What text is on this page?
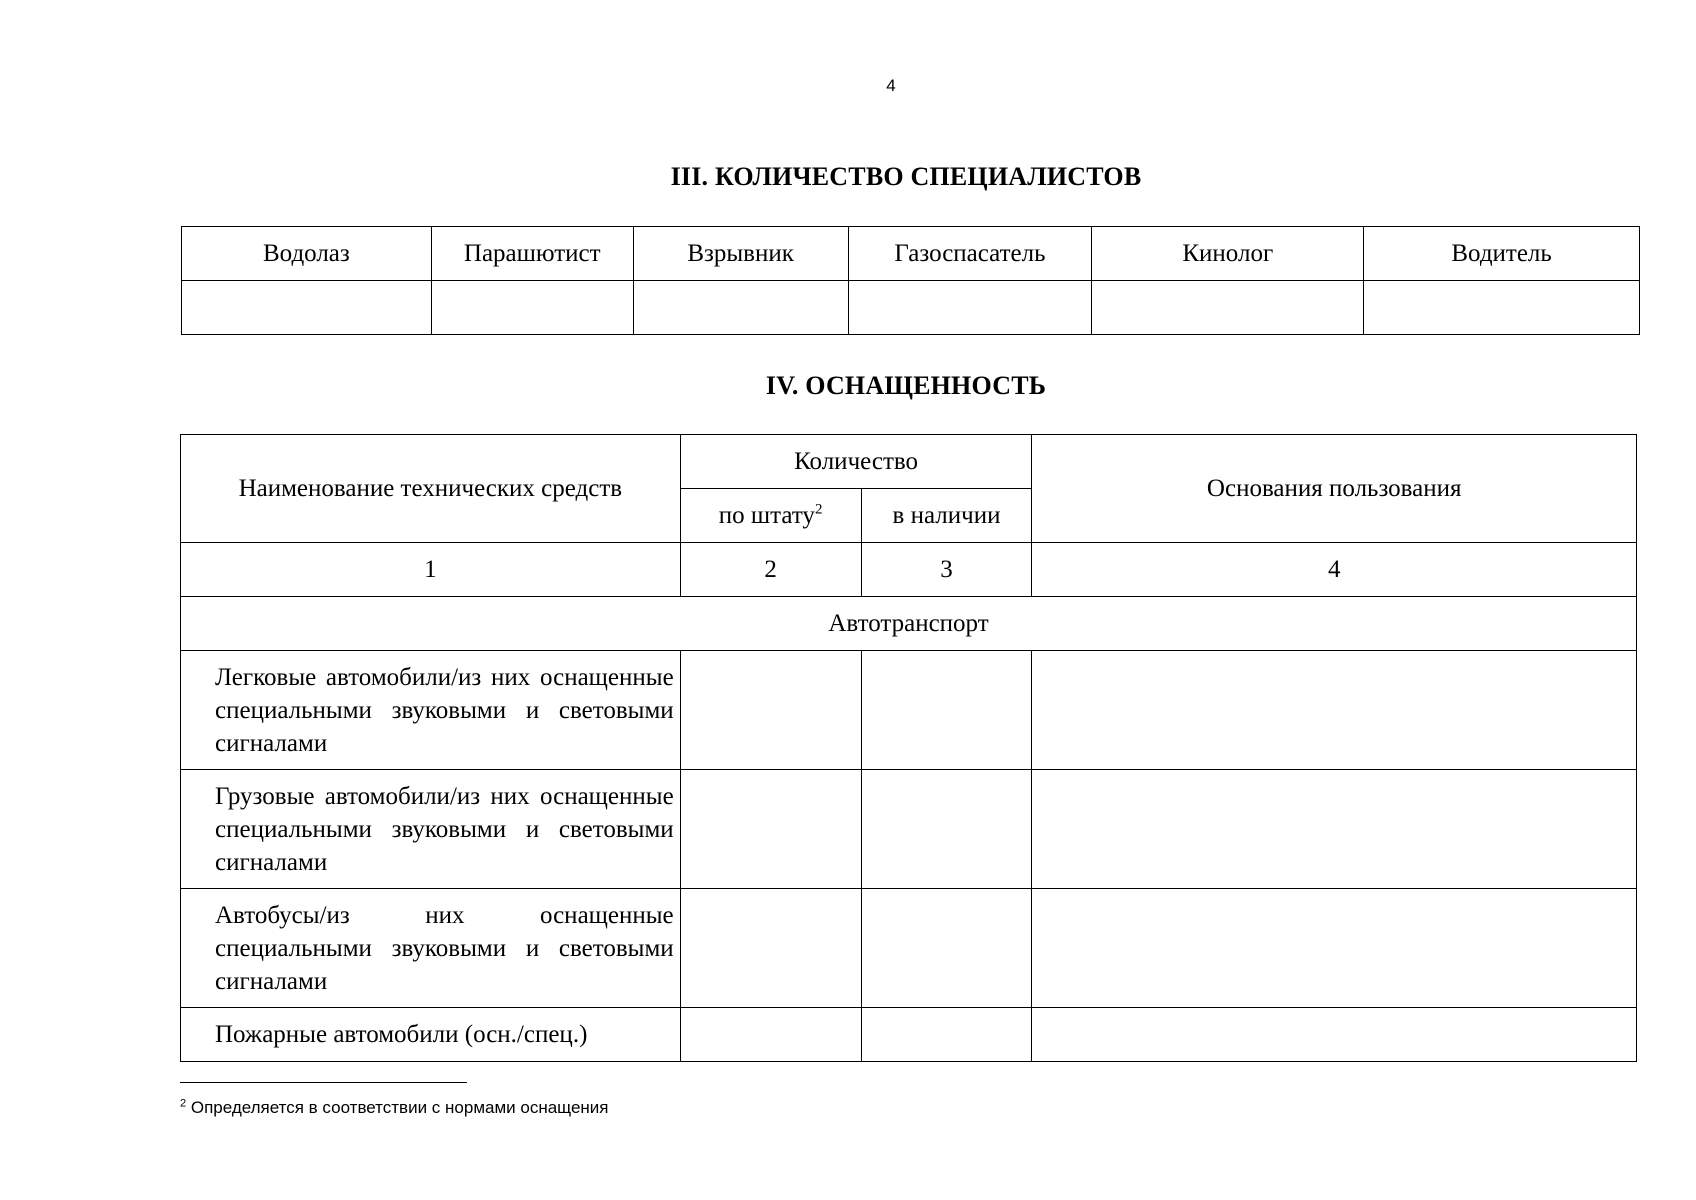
4
III. КОЛИЧЕСТВО СПЕЦИАЛИСТОВ
Водолаз	Парашютист	Взрывник	Газоспасатель	Кинолог	Водитель

IV. ОСНАЩЕННОСТЬ
Наименование технических средств	Количество		Основания пользования
	по штату$^2$	в наличии	
1	2	3	4
Автотранспорт			
Легковые автомобили/из них оснащенные специальными звуковыми и световыми сигналами			
Грузовые автомобили/из них оснащенные специальными звуковыми и световыми сигналами			
Автобусы/из них оснащенные специальными звуковыми и световыми сигналами			
Пожарные автомобили (осн./спец.)			
$^2$ Определяется в соответствии с нормами оснащения
